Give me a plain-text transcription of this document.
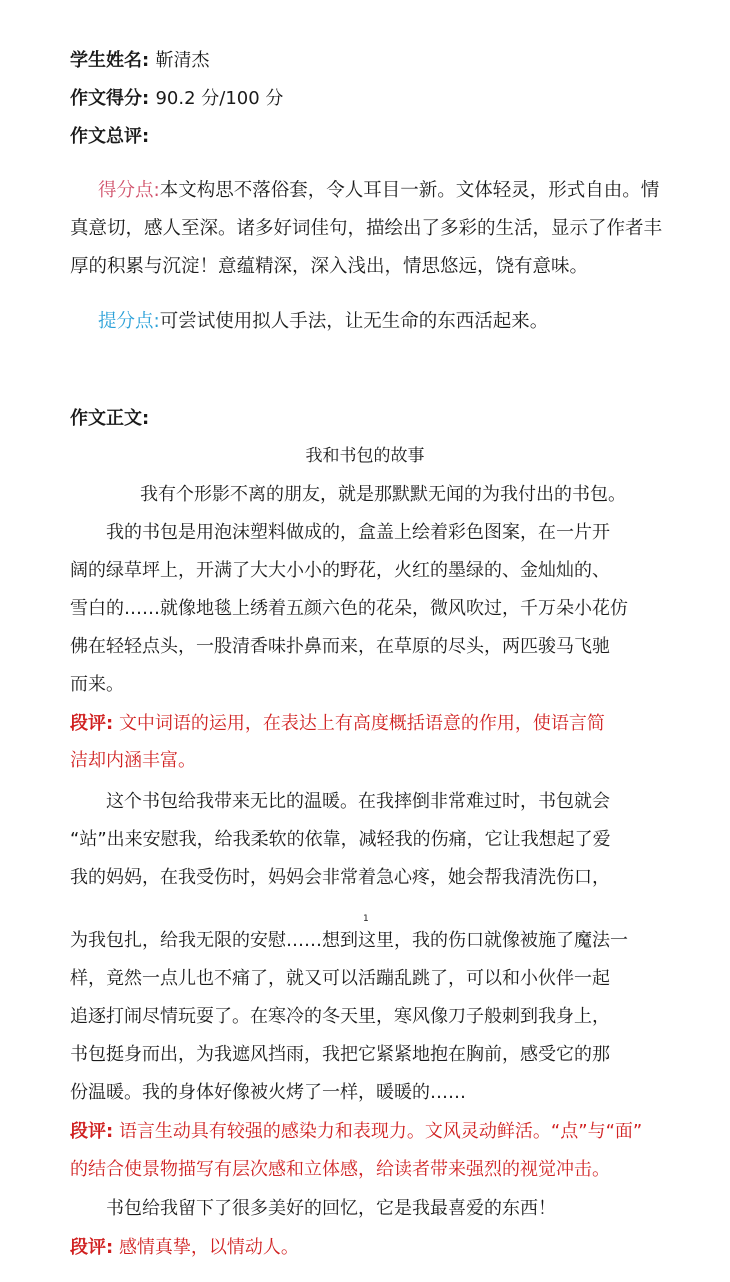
学生姓名: 靳清杰
作文得分: 90.2 分/100 分
作文总评:
得分点:本文构思不落俗套，令人耳目一新。文体轻灵，形式自由。情真意切，感人至深。诸多好词佳句，描绘出了多彩的生活，显示了作者丰厚的积累与沉淀！意蕴精深，深入浅出，情思悠远，饶有意味。
提分点:可尝试使用拟人手法，让无生命的东西活起来。
作文正文:
我和书包的故事
我有个形影不离的朋友，就是那默默无闻的为我付出的书包。
我的书包是用泡沫塑料做成的，盒盖上绘着彩色图案，在一片开
阔的绿草坪上，开满了大大小小的野花，火红的墨绿的、金灿灿的、
雪白的……就像地毯上绣着五颜六色的花朵，微风吹过，千万朵小花仿
佛在轻轻点头，一股清香味扑鼻而来，在草原的尽头，两匹骏马飞驰
而来。
段评: 文中词语的运用，在表达上有高度概括语意的作用，使语言简
洁却内涵丰富。
这个书包给我带来无比的温暖。在我摔倒非常难过时，书包就会
“站”出来安慰我，给我柔软的依靠，减轻我的伤痛，它让我想起了爱
我的妈妈，在我受伤时，妈妈会非常着急心疼，她会帮我清洗伤口，
1
为我包扎，给我无限的安慰……想到这里，我的伤口就像被施了魔法一
样，竟然一点儿也不痛了，就又可以活蹦乱跳了，可以和小伙伴一起
追逐打闹尽情玩耍了。在寒冷的冬天里，寒风像刀子般刺到我身上，
书包挺身而出，为我遮风挡雨，我把它紧紧地抱在胸前，感受它的那
份温暖。我的身体好像被火烤了一样，暖暖的……
段评: 语言生动具有较强的感染力和表现力。文风灵动鲜活。“点”与“面”
的结合使景物描写有层次感和立体感，给读者带来强烈的视觉冲击。
书包给我留下了很多美好的回忆，它是我最喜爱的东西！
段评: 感情真挚，以情动人。
